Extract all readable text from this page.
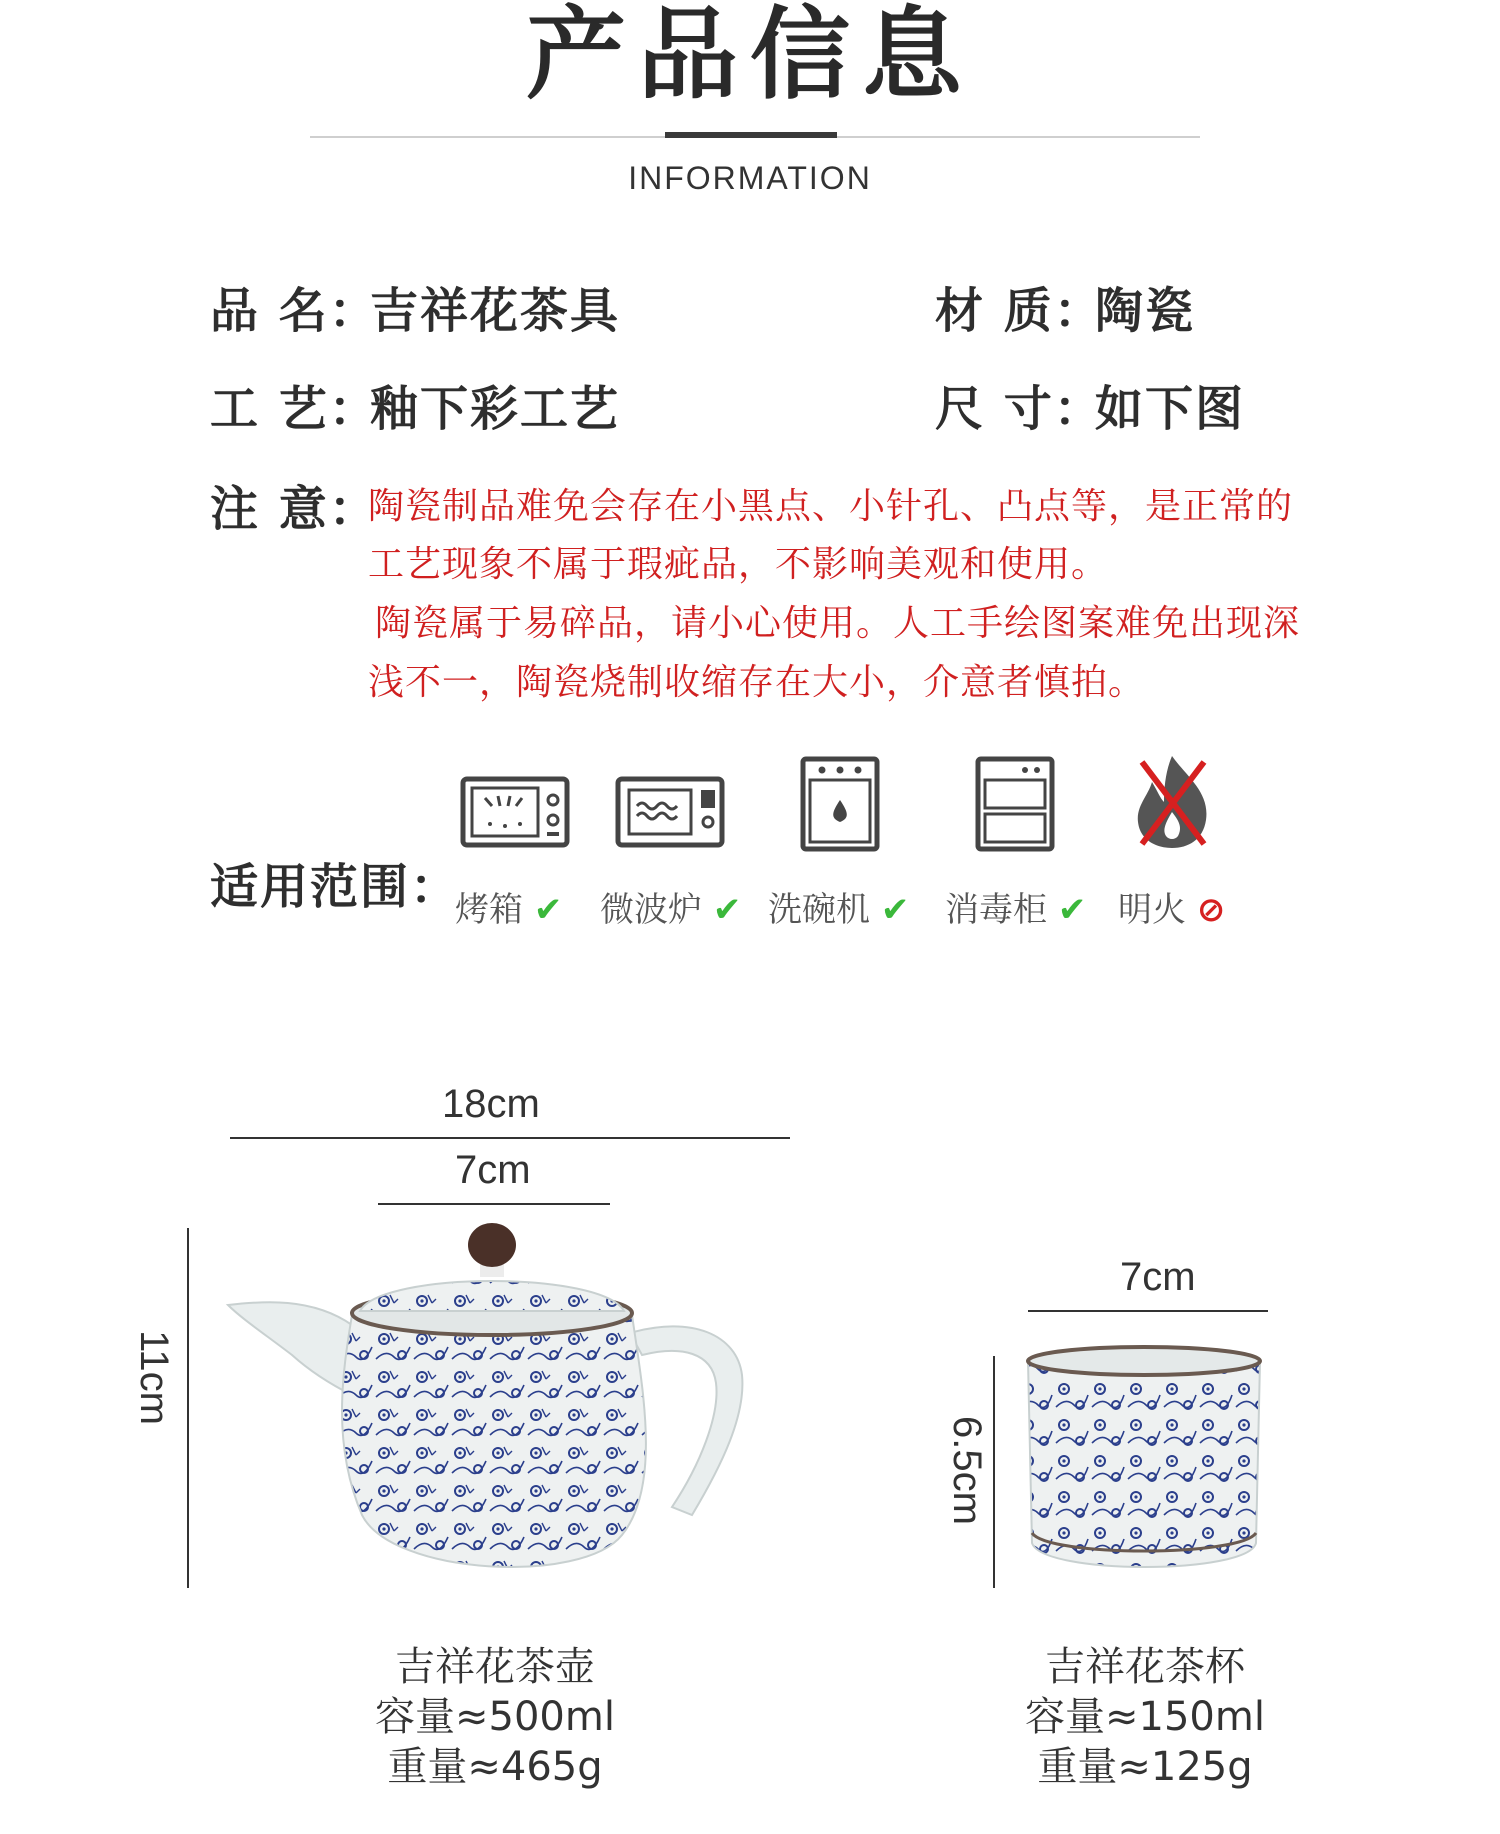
产品信息
INFORMATION
品 名：
吉祥花茶具	材 质：
陶瓷
工 艺：
釉下彩工艺	尺 寸：
如下图
注 意：
陶瓷制品难免会存在小黑点、小针孔、凸点等，是正常的
工艺现象不属于瑕疵品，不影响美观和使用。
陶瓷属于易碎品，请小心使用。人工手绘图案难免出现深
浅不一，陶瓷烧制收缩存在大小，介意者慎拍。
适用范围：
烤箱 ✔ 微波炉 ✔ 洗碗机 ✔ 消毒柜 ✔ 明火 ⊘
18cm
7cm
11cm
吉祥花茶壶
容量≈500ml
重量≈465g
7cm
6.5cm
吉祥花茶杯
容量≈150ml
重量≈125g
